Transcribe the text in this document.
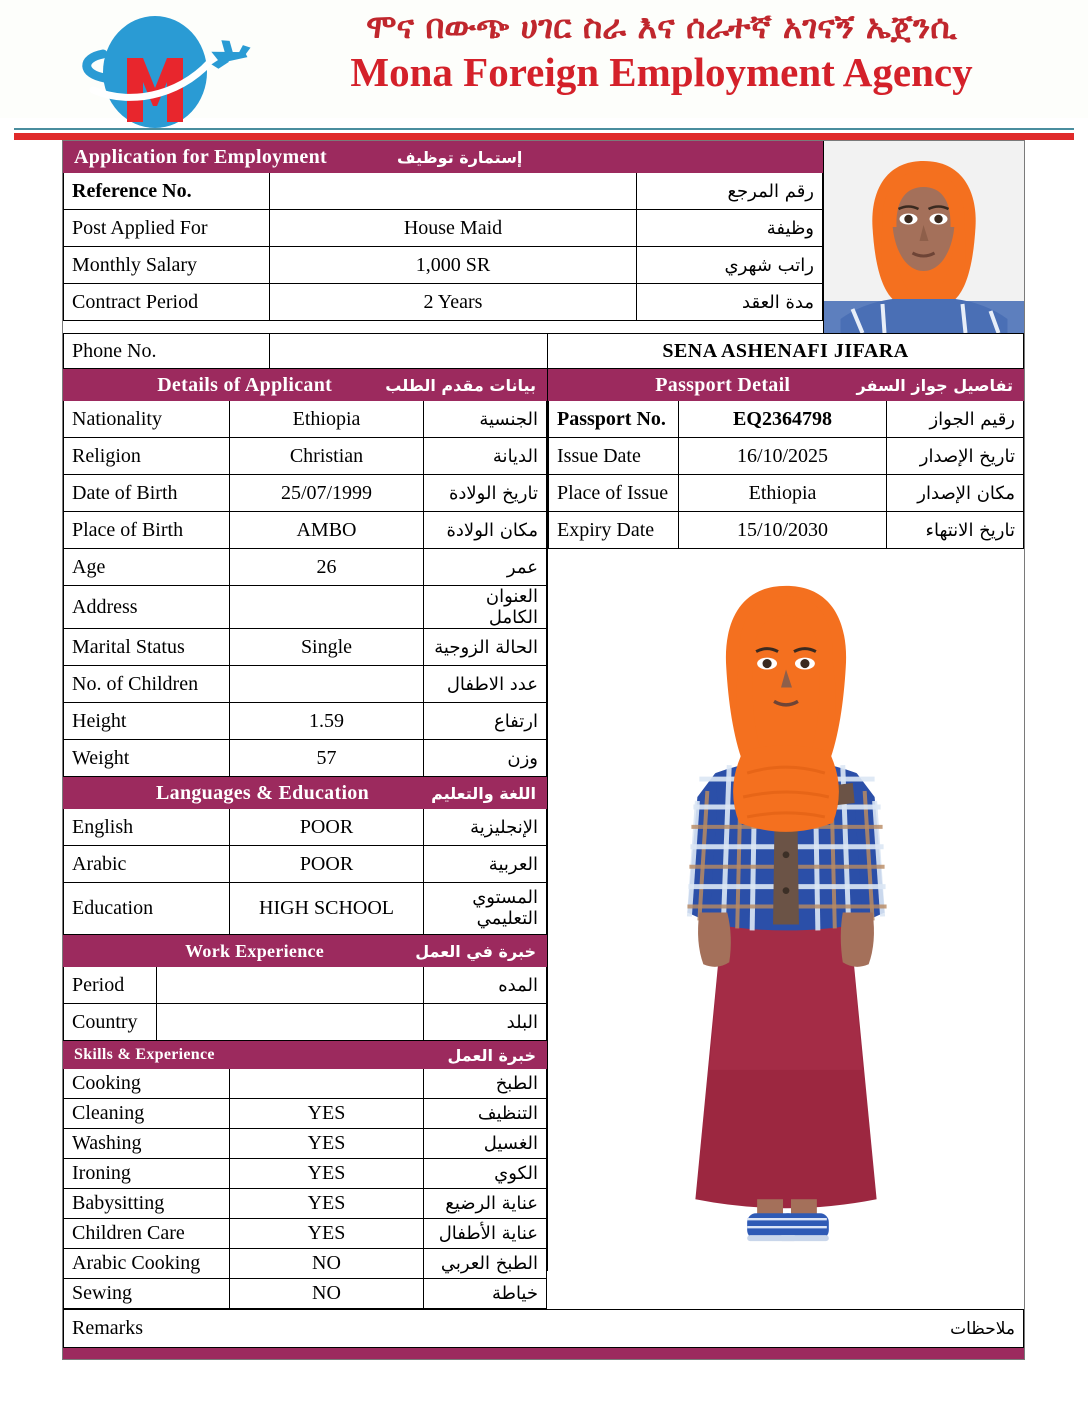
ሞና በውጭ ሀገር ስራ እና ሰራተኛ አገናኝ ኤጀንሲ
Mona Foreign Employment Agency
Application for Employment إستمارة توظيف		

Reference No.		رقم المرجع
Post Applied For	House Maid	وظيفة
Monthly Salary	1,000 SR	راتب شهري
Contract Period	2 Years	مدة العقد
Phone No.		SENA ASHENAFI JIFARA
Details of Applicant بيانات مقدم الطلب		

Nationality	Ethiopia	الجنسية
Religion	Christian	الديانة
Date of Birth	25/07/1999	تاريخ الولادة
Place of Birth	AMBO	مكان الولادة
Age	26	عمر
Address		العنوان الكامل
Marital Status	Single	الحالة الزوجية
No. of Children		عدد الاطفال
Height	1.59	ارتفاع
Weight	57	وزن
Languages & Education اللغة والتعليم		

English	POOR	الإنجليزية
Arabic	POOR	العربية
Education	HIGH SCHOOL	المستوي التعليمي
Work Experience خبرة في العمل		

Period		المده
Country		البلد
Skills & Experience خبرة العمل		

Cooking		الطبخ
Cleaning	YES	التنظيف
Washing	YES	الغسيل
Ironing	YES	الكوي
Babysitting	YES	عناية الرضيع
Children Care	YES	عناية الأطفال
Arabic Cooking	NO	الطبخ العربي
Sewing	NO	خياطة
Passport Detail تفاصيل جواز السفر		

Passport No.	EQ2364798	رقيم الجواز
Issue Date	16/10/2025	تاريخ الإصدار
Place of Issue	Ethiopia	مكان الإصدار
Expiry Date	15/10/2030	تاريخ الانتهاء
Remarks	ملاحظات
